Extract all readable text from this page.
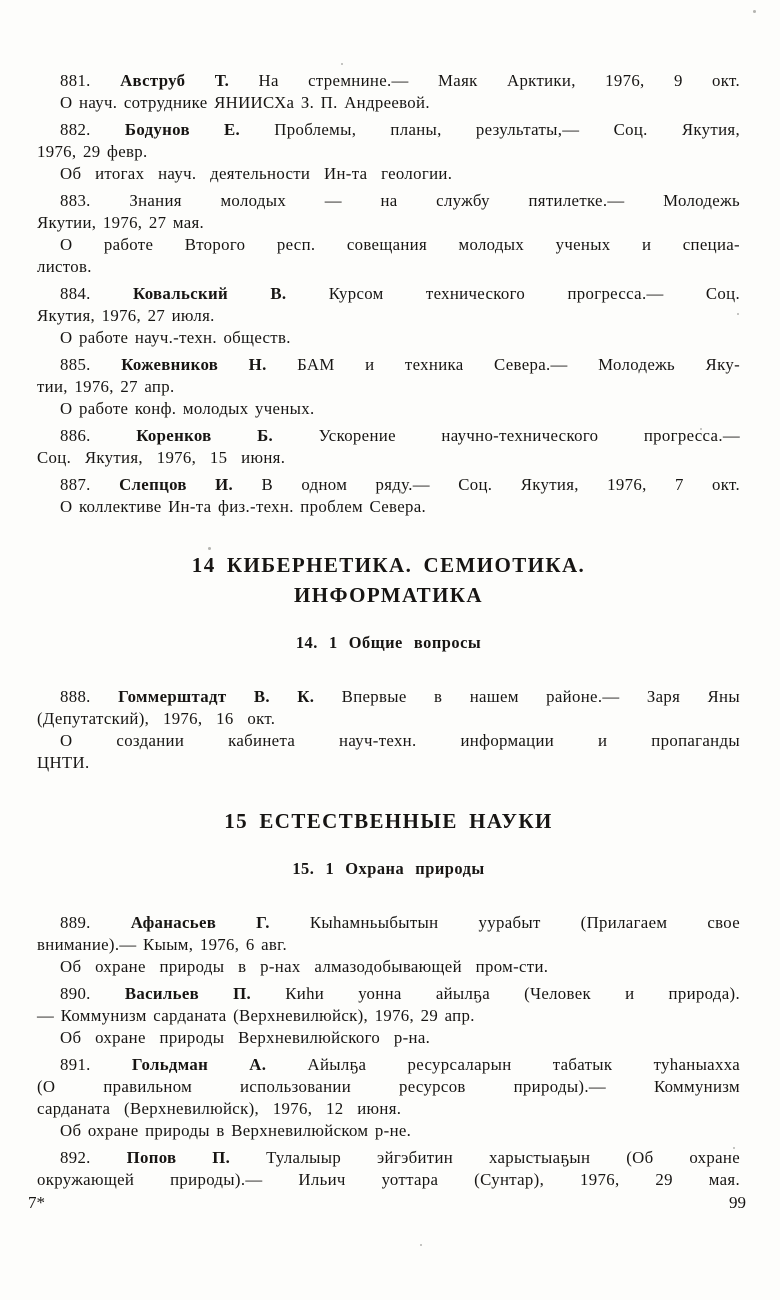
881. Авструб Т. На стремнине.— Маяк Арктики, 1976, 9 окт.
О науч. сотруднике ЯНИИСХа З. П. Андреевой.
882. Бодунов Е. Проблемы, планы, результаты,— Соц. Якутия,
1976, 29 февр.
Об итогах науч. деятельности Ин-та геологии.
883. Знания молодых — на службу пятилетке.— Молодежь
Якутии, 1976, 27 мая.
О работе Второго респ. совещания молодых ученых и специа-
листов.
884. Ковальский В. Курсом технического прогресса.— Соц.
Якутия, 1976, 27 июля.
О работе науч.-техн. обществ.
885. Кожевников Н. БАМ и техника Севера.— Молодежь Яку-
тии, 1976, 27 апр.
О работе конф. молодых ученых.
886. Коренков Б. Ускорение научно-технического прогресса.—
Соц. Якутия, 1976, 15 июня.
887. Слепцов И. В одном ряду.— Соц. Якутия, 1976, 7 окт.
О коллективе Ин-та физ.-техн. проблем Севера.
14 КИБЕРНЕТИКА. СЕМИОТИКА.
ИНФОРМАТИКА
14. 1 Общие вопросы
888. Гоммерштадт В. К. Впервые в нашем районе.— Заря Яны
(Депутатский), 1976, 16 окт.
О создании кабинета науч-техн. информации и пропаганды
ЦНТИ.
15 ЕСТЕСТВЕННЫЕ НАУКИ
15. 1 Охрана природы
889. Афанасьев Г. Кыһамньыбытын уурабыт (Прилагаем свое
внимание).— Кыым, 1976, 6 авг.
Об охране природы в р-нах алмазодобывающей пром-сти.
890. Васильев П. Киһи уонна айылҕа (Человек и природа).
— Коммунизм сарданата (Верхневилюйск), 1976, 29 апр.
Об охране природы Верхневилюйского р-на.
891. Гольдман А. Айылҕа ресурсаларын табатык туһаныахха
(О правильном использовании ресурсов природы).— Коммунизм
сарданата (Верхневилюйск), 1976, 12 июня.
Об охране природы в Верхневилюйском р-не.
892. Попов П. Тулалыыр эйгэбитин харыстыаҕын (Об охране
окружающей природы).— Ильич уоттара (Сунтар), 1976, 29 мая.
7*	99
